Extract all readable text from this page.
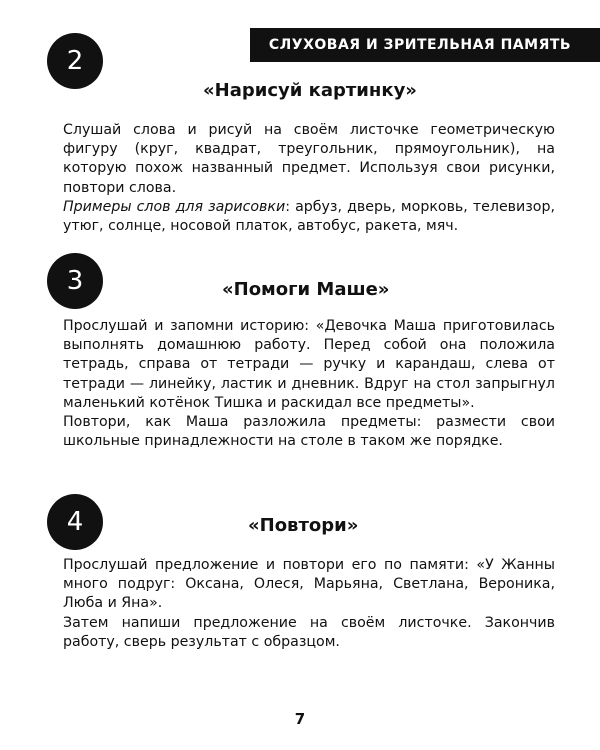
СЛУХОВАЯ И ЗРИТЕЛЬНАЯ ПАМЯТЬ
2
«Нарисуй картинку»

Слушай слова и рисуй на своём листочке геометрическую фигуру (круг, квадрат, треугольник, прямоугольник), на которую похож названный предмет. Используя свои рисунки, повтори слова.

Примеры слов для зарисовки: арбуз, дверь, морковь, телевизор, утюг, солнце, носовой платок, автобус, ракета, мяч.

3	«Помоги Маше»

Прослушай и запомни историю: «Девочка Маша приготовилась выполнять домашнюю работу. Перед собой она положила тетрадь, справа от тетради — ручку и карандаш, слева от тетради — линейку, ластик и дневник. Вдруг на стол запрыгнул маленький котёнок Тишка и раскидал все предметы».

Повтори, как Маша разложила предметы: размести свои школьные принадлежности на столе в таком же порядке.

4	«Повтори»

Прослушай предложение и повтори его по памяти: «У Жанны много подруг: Оксана, Олеся, Марьяна, Светлана, Вероника, Люба и Яна».

Затем напиши предложение на своём листочке. Закончив работу, сверь результат с образцом.

7
